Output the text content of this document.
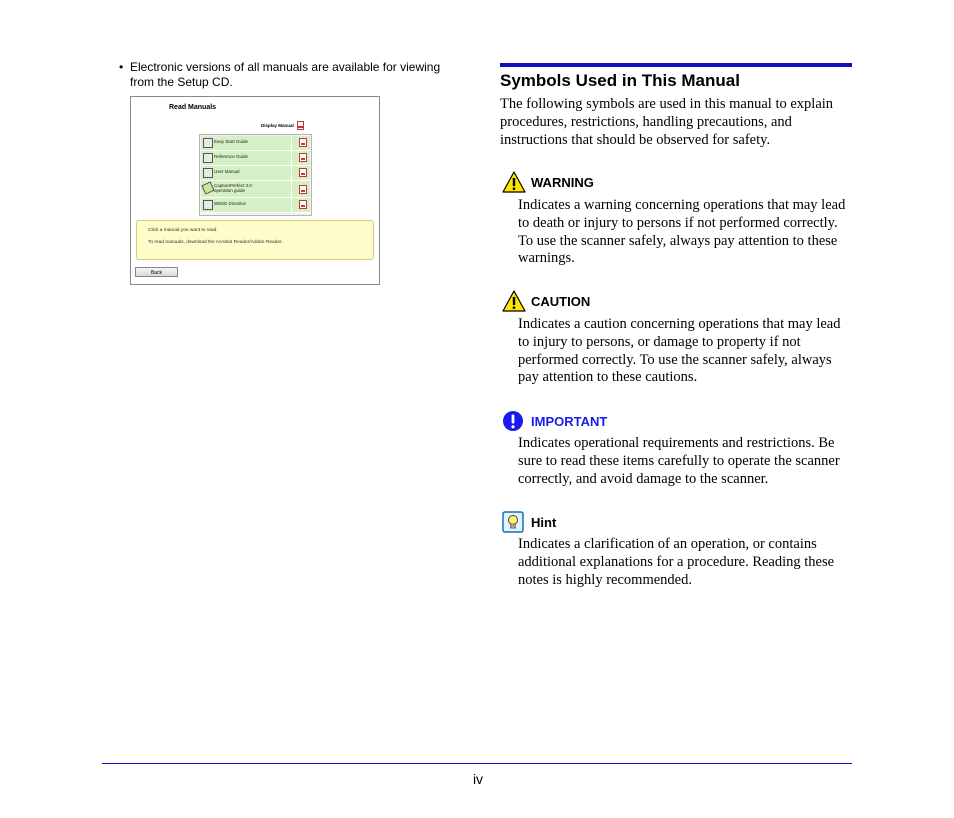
• Electronic versions of all manuals are available for viewing from the Setup CD.
Read Manuals
Display Manual
Easy Start Guide
Reference Guide
User Manual
CapturePerfect 3.0 operation guide
WEEE Directive
Click a manual you want to read.
To read manuals, download the Acrobat Reader/Adobe Reader.
Back
Symbols Used in This Manual
The following symbols are used in this manual to explain procedures, restrictions, handling precautions, and instructions that should be observed for safety.
WARNING
Indicates a warning concerning operations that may lead to death or injury to persons if not performed correctly. To use the scanner safely, always pay attention to these warnings.
CAUTION
Indicates a caution concerning operations that may lead to injury to persons, or damage to property if not performed correctly. To use the scanner safely, always pay attention to these cautions.
IMPORTANT
Indicates operational requirements and restrictions. Be sure to read these items carefully to operate the scanner correctly, and avoid damage to the scanner.
Hint
Indicates a clarification of an operation, or contains additional explanations for a procedure. Reading these notes is highly recommended.
iv
